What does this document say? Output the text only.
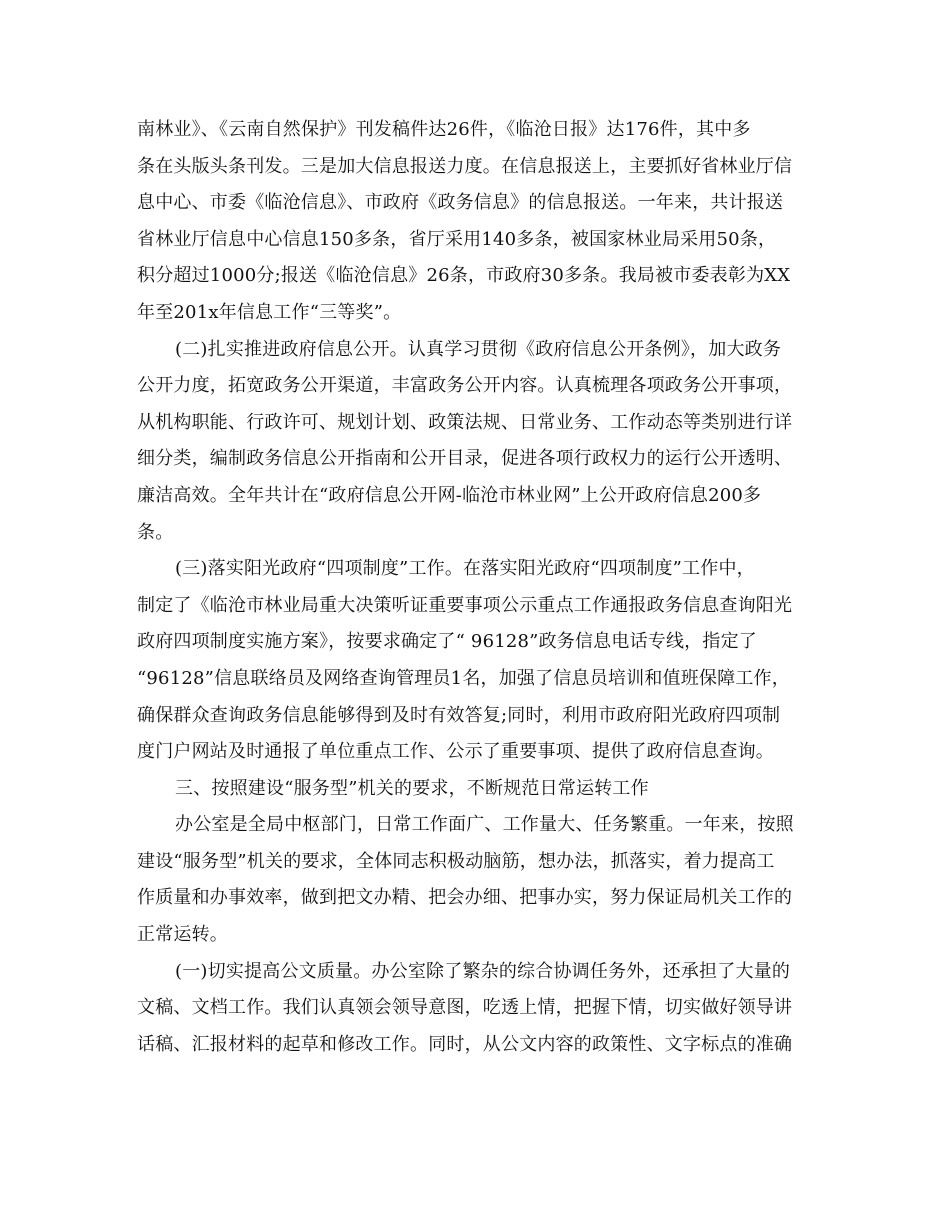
南林业》、《云南自然保护》刊发稿件达26件，《临沧日报》达176件，其中多
条在头版头条刊发。三是加大信息报送力度。在信息报送上，主要抓好省林业厅信
息中心、市委《临沧信息》、市政府《政务信息》的信息报送。一年来，共计报送
省林业厅信息中心信息150多条，省厅采用140多条，被国家林业局采用50条，
积分超过1000分;报送《临沧信息》26条，市政府30多条。我局被市委表彰为XX
年至201x年信息工作“三等奖”。
(二)扎实推进政府信息公开。认真学习贯彻《政府信息公开条例》，加大政务
公开力度，拓宽政务公开渠道，丰富政务公开内容。认真梳理各项政务公开事项，
从机构职能、行政许可、规划计划、政策法规、日常业务、工作动态等类别进行详
细分类，编制政务信息公开指南和公开目录，促进各项行政权力的运行公开透明、
廉洁高效。全年共计在“政府信息公开网-临沧市林业网”上公开政府信息200多
条。
(三)落实阳光政府“四项制度”工作。在落实阳光政府“四项制度”工作中，
制定了《临沧市林业局重大决策听证重要事项公示重点工作通报政务信息查询阳光
政府四项制度实施方案》，按要求确定了“ 96128”政务信息电话专线，指定了
“96128”信息联络员及网络查询管理员1名，加强了信息员培训和值班保障工作，
确保群众查询政务信息能够得到及时有效答复;同时，利用市政府阳光政府四项制
度门户网站及时通报了单位重点工作、公示了重要事项、提供了政府信息查询。
三、按照建设“服务型”机关的要求，不断规范日常运转工作
办公室是全局中枢部门，日常工作面广、工作量大、任务繁重。一年来，按照
建设“服务型”机关的要求，全体同志积极动脑筋，想办法，抓落实，着力提高工
作质量和办事效率，做到把文办精、把会办细、把事办实，努力保证局机关工作的
正常运转。
(一)切实提高公文质量。办公室除了繁杂的综合协调任务外，还承担了大量的
文稿、文档工作。我们认真领会领导意图，吃透上情，把握下情，切实做好领导讲
话稿、汇报材料的起草和修改工作。同时，从公文内容的政策性、文字标点的准确
